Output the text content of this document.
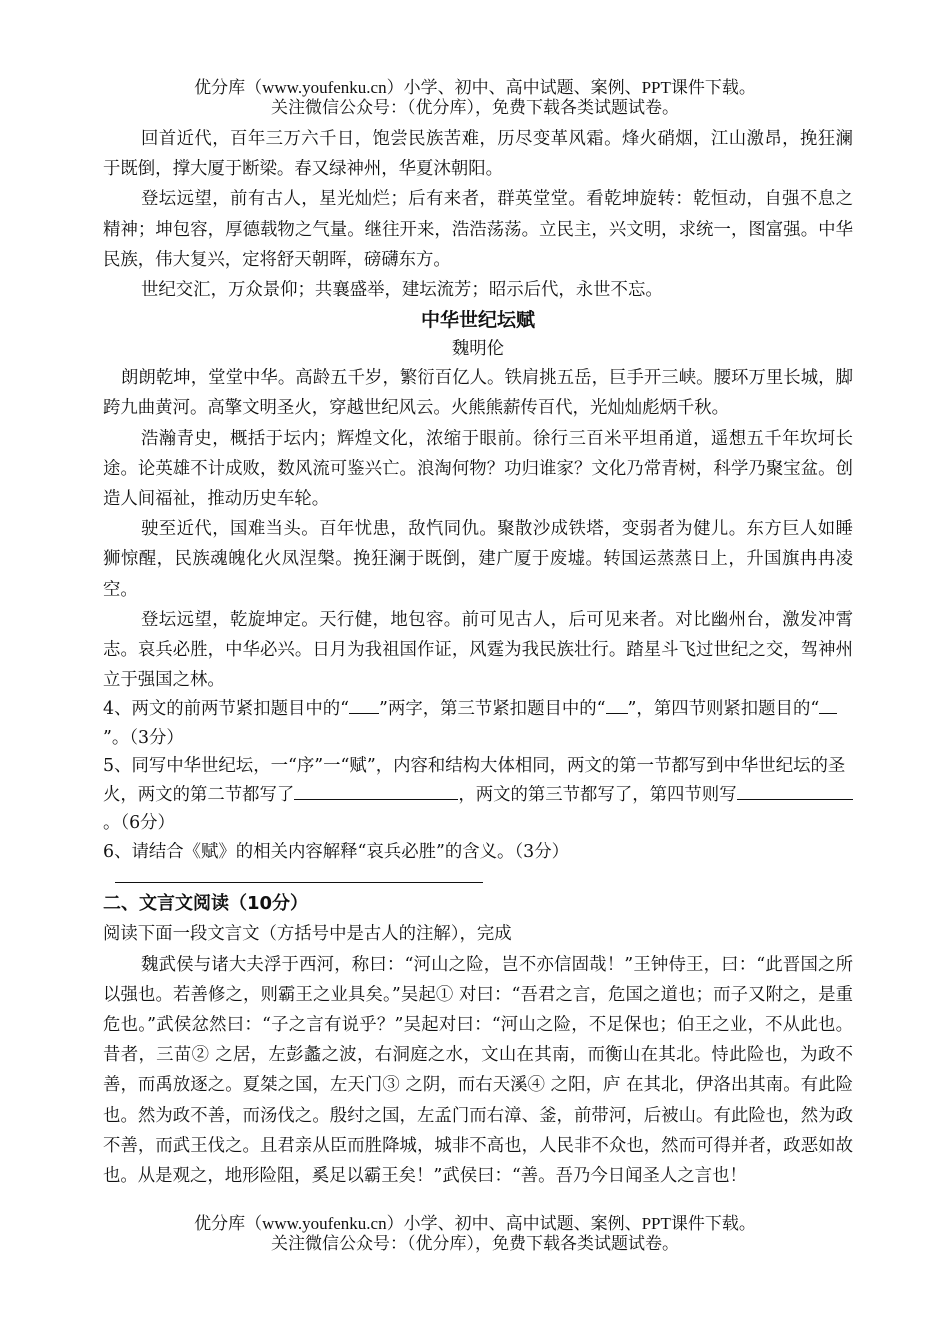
优分库（www.youfenku.cn）小学、初中、高中试题、案例、PPT课件下载。
关注微信公众号：（优分库），免费下载各类试题试卷。

回首近代，百年三万六千日，饱尝民族苦难，历尽变革风霜。烽火硝烟，江山激昂，挽狂澜于既倒，撑大厦于断梁。春又绿神州，华夏沐朝阳。

登坛远望，前有古人，星光灿烂；后有来者，群英堂堂。看乾坤旋转：乾恒动，自强不息之精神；坤包容，厚德载物之气量。继往开来，浩浩荡荡。立民主，兴文明，求统一，图富强。中华民族，伟大复兴，定将舒天朝晖，磅礴东方。

世纪交汇，万众景仰；共襄盛举，建坛流芳；昭示后代，永世不忘。

中华世纪坛赋

魏明伦

朗朗乾坤，堂堂中华。高龄五千岁，繁衍百亿人。铁肩挑五岳，巨手开三峡。腰环万里长城，脚跨九曲黄河。高擎文明圣火，穿越世纪风云。火熊熊薪传百代，光灿灿彪炳千秋。

浩瀚青史，概括于坛内；辉煌文化，浓缩于眼前。徐行三百米平坦甬道，遥想五千年坎坷长途。论英雄不计成败，数风流可鉴兴亡。浪淘何物？功归谁家？文化乃常青树，科学乃聚宝盆。创造人间福祉，推动历史车轮。

驶至近代，国难当头。百年忧患，敌忾同仇。聚散沙成铁塔，变弱者为健儿。东方巨人如睡狮惊醒，民族魂魄化火凤涅槃。挽狂澜于既倒，建广厦于废墟。转国运蒸蒸日上，升国旗冉冉凌空。

登坛远望，乾旋坤定。天行健，地包容。前可见古人，后可见来者。对比幽州台，激发冲霄志。哀兵必胜，中华必兴。日月为我祖国作证，风霆为我民族壮行。踏星斗飞过世纪之交，驾神州立于强国之林。

4、两文的前两节紧扣题目中的“ ”两字，第三节紧扣题目中的“ ”，第四节则紧扣题目的“”。（3分）

5、同写中华世纪坛，一“序”一“赋”，内容和结构大体相同，两文的第一节都写到中华世纪坛的圣火，两文的第二节都写了	，两文的第三节都写了，第四节则写。（6分）

6、请结合《赋》的相关内容解释“哀兵必胜”的含义。（3分）

二、文言文阅读（10分）

阅读下面一段文言文（方括号中是古人的注解），完成

魏武侯与诸大夫浮于西河，称曰：“河山之险，岂不亦信固哉！”王钟侍王，曰：“此晋国之所以强也。若善修之，则霸王之业具矣。”吴起① 对曰：“吾君之言，危国之道也；而子又附之，是重危也。”武侯忿然曰：“子之言有说乎？”吴起对曰：“河山之险，不足保也；伯王之业，不从此也。昔者，三苗② 之居，左彭蠡之波，右洞庭之水，文山在其南，而衡山在其北。恃此险也，为政不善，而禹放逐之。夏桀之国，左天门③ 之阴，而右天溪④ 之阳，庐 在其北，伊洛出其南。有此险也。然为政不善，而汤伐之。殷纣之国，左孟门而右漳、釜，前带河，后被山。有此险也，然为政不善，而武王伐之。且君亲从臣而胜降城，城非不高也，人民非不众也，然而可得并者，政恶如故也。从是观之，地形险阻，奚足以霸王矣！”武侯曰：“善。吾乃今日闻圣人之言也！

优分库（www.youfenku.cn）小学、初中、高中试题、案例、PPT课件下载。
关注微信公众号：（优分库），免费下载各类试题试卷。
